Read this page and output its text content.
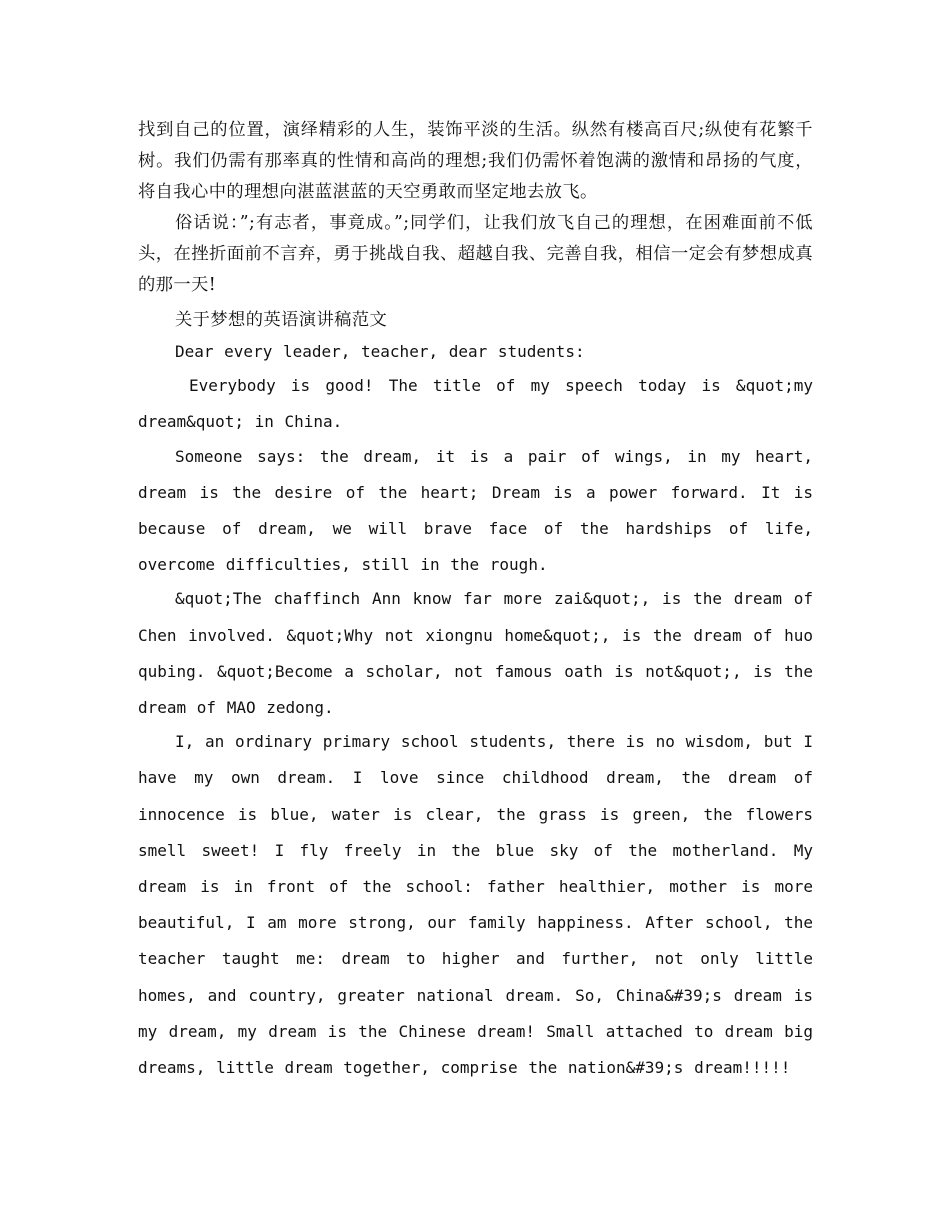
找到自己的位置，演绎精彩的人生，装饰平淡的生活。纵然有楼高百尺;纵使有花繁千树。我们仍需有那率真的性情和高尚的理想;我们仍需怀着饱满的激情和昂扬的气度，将自我心中的理想向湛蓝湛蓝的天空勇敢而坚定地去放飞。

俗话说：”;有志者，事竟成。”;同学们，让我们放飞自己的理想，在困难面前不低头，在挫折面前不言弃，勇于挑战自我、超越自我、完善自我，相信一定会有梦想成真的那一天!

关于梦想的英语演讲稿范文

Dear every leader, teacher, dear students:

Everybody is good! The title of my speech today is &quot;my dream&quot; in China.

Someone says: the dream, it is a pair of wings, in my heart, dream is the desire of the heart; Dream is a power forward. It is because of dream, we will brave face of the hardships of life, overcome difficulties, still in the rough.

&quot;The chaffinch Ann know far more zai&quot;, is the dream of Chen involved. &quot;Why not xiongnu home&quot;, is the dream of huo qubing. &quot;Become a scholar, not famous oath is not&quot;, is the dream of MAO zedong.

I, an ordinary primary school students, there is no wisdom, but I have my own dream. I love since childhood dream, the dream of innocence is blue, water is clear, the grass is green, the flowers smell sweet! I fly freely in the blue sky of the motherland. My dream is in front of the school: father healthier, mother is more beautiful, I am more strong, our family happiness. After school, the teacher taught me: dream to higher and further, not only little homes, and country, greater national dream. So, China&#39;s dream is my dream, my dream is the Chinese dream! Small attached to dream big dreams, little dream together, comprise the nation&#39;s dream!!!!!
